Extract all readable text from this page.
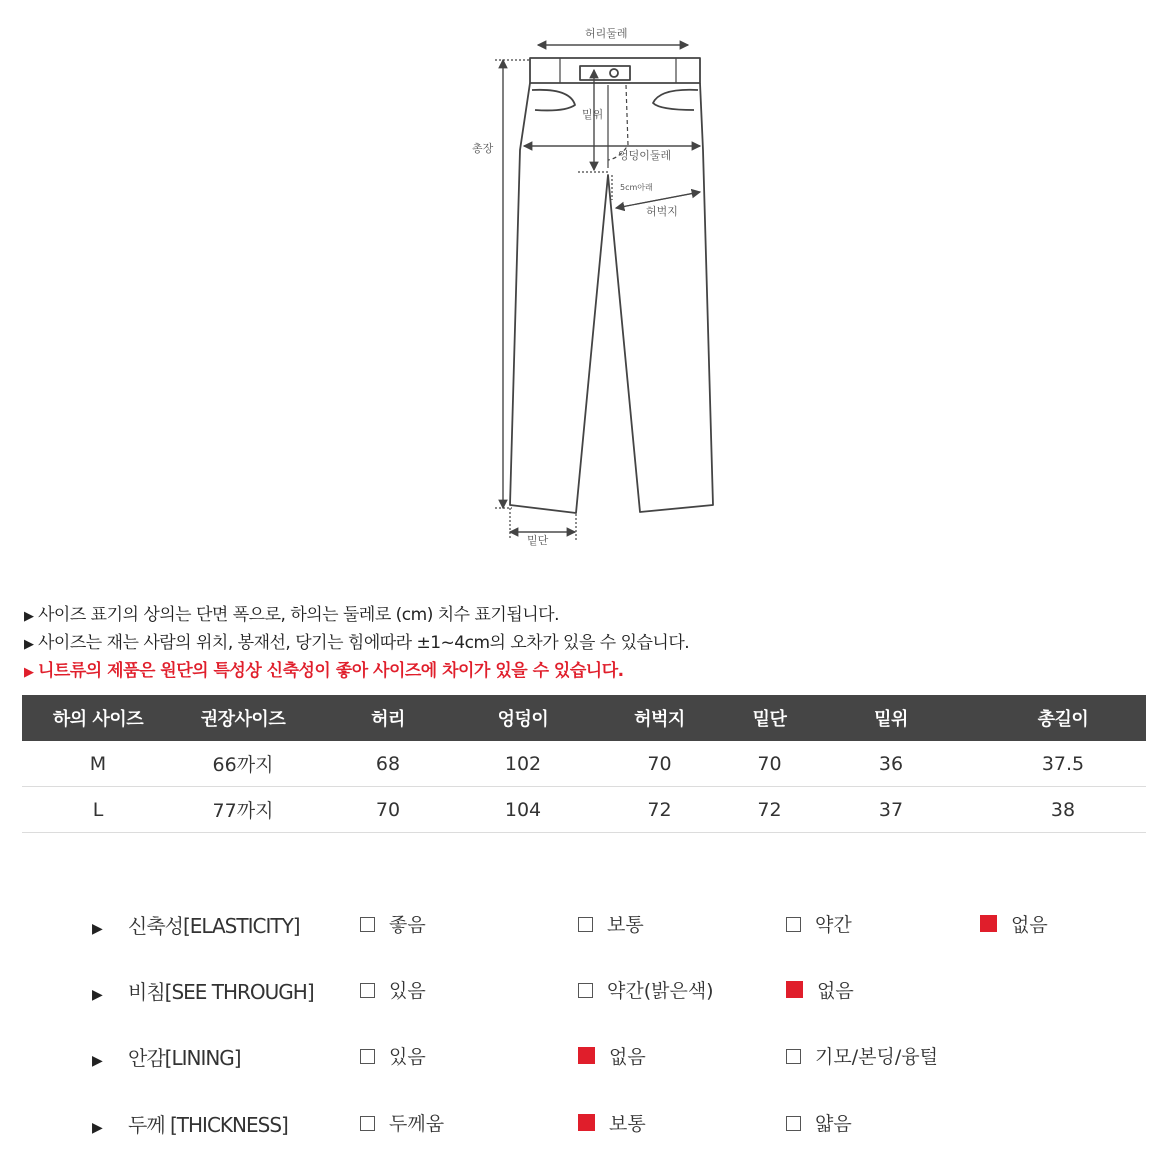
허리둘레
총장
밑위
엉덩이둘레
5cm아래
허벅지
밑단
▶ 사이즈 표기의 상의는 단면 폭으로, 하의는 둘레로 (cm) 치수 표기됩니다.
▶ 사이즈는 재는 사람의 위치, 봉재선, 당기는 힘에따라 ±1~4cm의 오차가 있을 수 있습니다.
▶ 니트류의 제품은 원단의 특성상 신축성이 좋아 사이즈에 차이가 있을 수 있습니다.
하의 사이즈	권장사이즈	허리	엉덩이	허벅지	밑단	밑위	총길이
M	66까지	68	102	70	70	36	37.5
L	77까지	70	104	72	72	37	38
▶ 신축성[ELASTICITY]	좋음	보통	약간	없음
▶ 비침[SEE THROUGH]	있음	약간(밝은색)	없음
▶ 안감[LINING]	있음	없음	기모/본딩/융털
▶ 두께 [THICKNESS]	두께움	보통	얇음
